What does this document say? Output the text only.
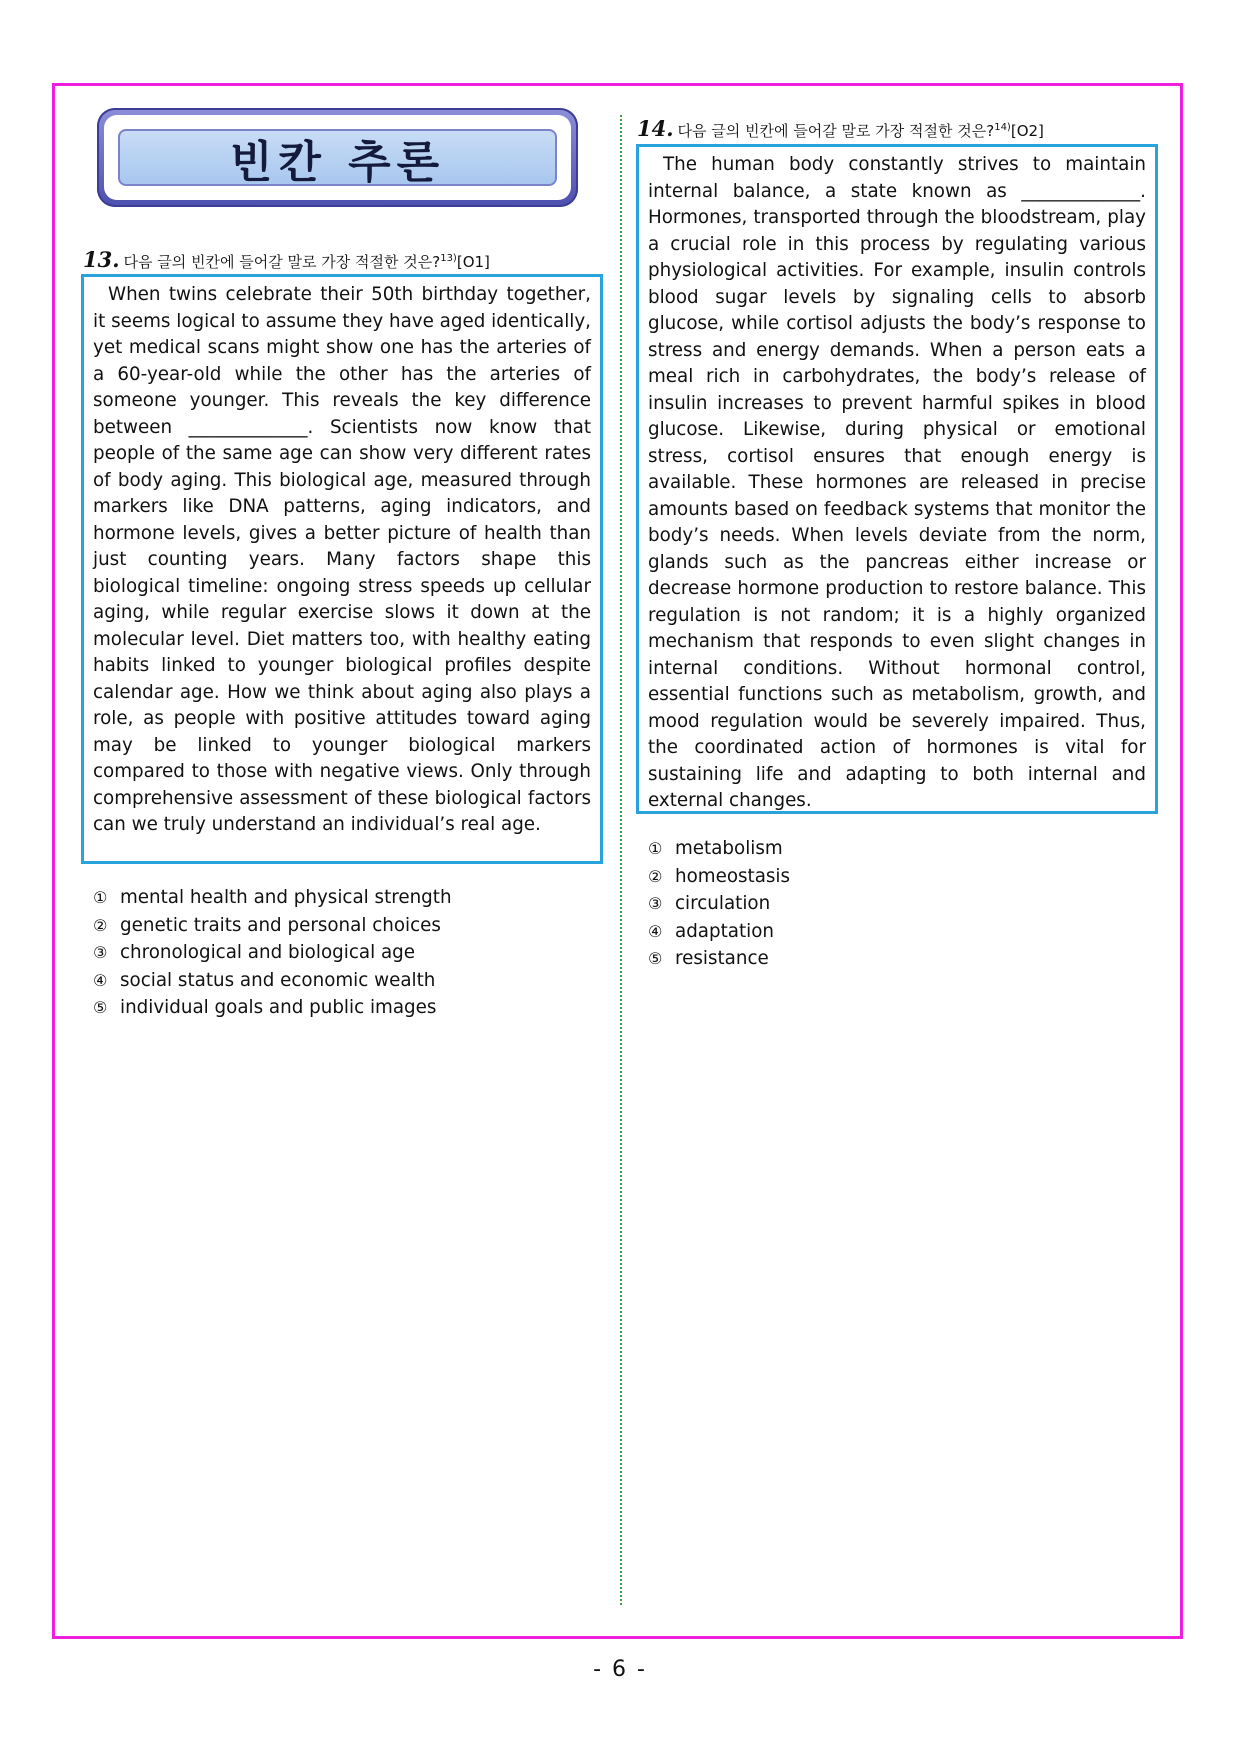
빈칸 추론
13. 다음 글의 빈칸에 들어갈 말로 가장 적절한 것은?$^{13)}$[O1]

When twins celebrate their 50th birthday together, it seems logical to assume they have aged identically, yet medical scans might show one has the arteries of a 60-year-old while the other has the arteries of someone younger. This reveals the key difference between _____________. Scientists now know that people of the same age can show very different rates of body aging. This biological age, measured through markers like DNA patterns, aging indicators, and hormone levels, gives a better picture of health than just counting years. Many factors shape this biological timeline: ongoing stress speeds up cellular aging, while regular exercise slows it down at the molecular level. Diet matters too, with healthy eating habits linked to younger biological profiles despite calendar age. How we think about aging also plays a role, as people with positive attitudes toward aging may be linked to younger biological markers compared to those with negative views. Only through comprehensive assessment of these biological factors can we truly understand an individual’s real age.

① mental health and physical strength
② genetic traits and personal choices
③ chronological and biological age
④ social status and economic wealth
⑤ individual goals and public images
14. 다음 글의 빈칸에 들어갈 말로 가장 적절한 것은?$^{14)}$[O2]

The human body constantly strives to maintain internal balance, a state known as _____________. Hormones, transported through the bloodstream, play a crucial role in this process by regulating various physiological activities. For example, insulin controls blood sugar levels by signaling cells to absorb glucose, while cortisol adjusts the body’s response to stress and energy demands. When a person eats a meal rich in carbohydrates, the body’s release of insulin increases to prevent harmful spikes in blood glucose. Likewise, during physical or emotional stress, cortisol ensures that enough energy is available. These hormones are released in precise amounts based on feedback systems that monitor the body’s needs. When levels deviate from the norm, glands such as the pancreas either increase or decrease hormone production to restore balance. This regulation is not random; it is a highly organized mechanism that responds to even slight changes in internal conditions. Without hormonal control, essential functions such as metabolism, growth, and mood regulation would be severely impaired. Thus, the coordinated action of hormones is vital for sustaining life and adapting to both internal and external changes.

① metabolism
② homeostasis
③ circulation
④ adaptation
⑤ resistance
- 6 -
